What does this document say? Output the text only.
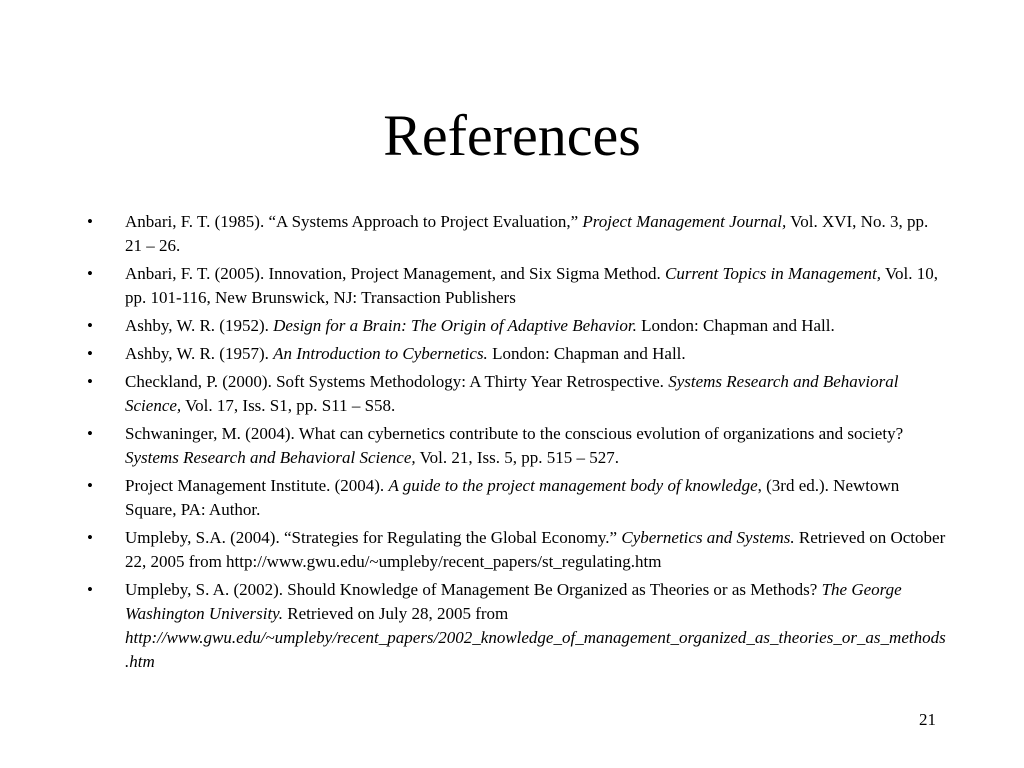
References
•	Anbari, F. T. (1985). “A Systems Approach to Project Evaluation,” Project Management Journal, Vol. XVI, No. 3, pp. 21 – 26.
•	Anbari, F. T. (2005). Innovation, Project Management, and Six Sigma Method. Current Topics in Management, Vol. 10, pp. 101-116, New Brunswick, NJ: Transaction Publishers
•	Ashby, W. R. (1952). Design for a Brain: The Origin of Adaptive Behavior. London: Chapman and Hall.
•	Ashby, W. R. (1957). An Introduction to Cybernetics. London: Chapman and Hall.
•	Checkland, P. (2000). Soft Systems Methodology: A Thirty Year Retrospective. Systems Research and Behavioral Science, Vol. 17, Iss. S1, pp. S11 – S58.
•	Schwaninger, M. (2004). What can cybernetics contribute to the conscious evolution of organizations and society? Systems Research and Behavioral Science, Vol. 21, Iss. 5, pp. 515 – 527.
•	Project Management Institute. (2004). A guide to the project management body of knowledge, (3rd ed.). Newtown Square, PA: Author.
•	Umpleby, S.A. (2004). “Strategies for Regulating the Global Economy.” Cybernetics and Systems. Retrieved on October 22, 2005 from http://www.gwu.edu/~umpleby/recent_papers/st_regulating.htm
•	Umpleby, S. A. (2002). Should Knowledge of Management Be Organized as Theories or as Methods? The George Washington University. Retrieved on July 28, 2005 from http://www.gwu.edu/~umpleby/recent_papers/2002_knowledge_of_management_organized_as_theories_or_as_methods.htm
21
